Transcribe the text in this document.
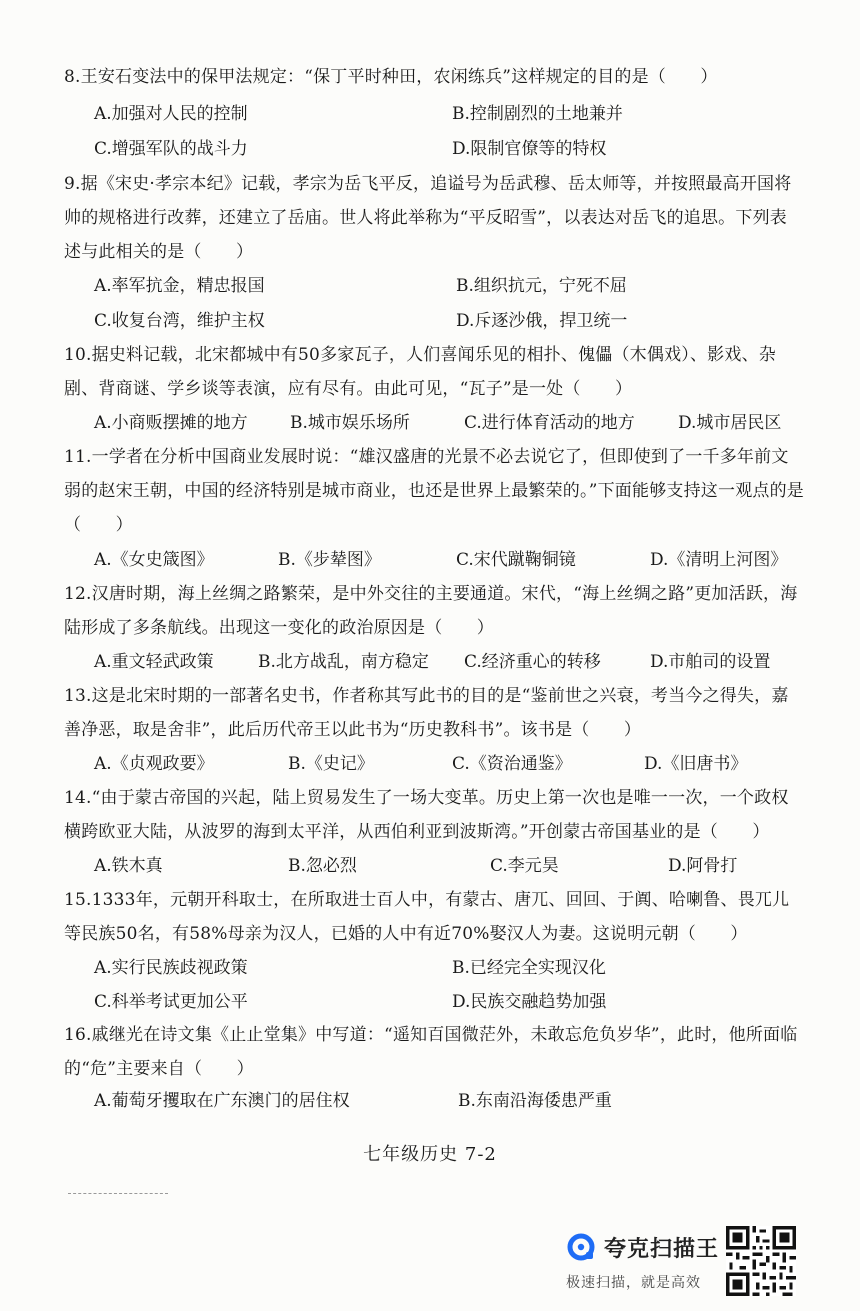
8.王安石变法中的保甲法规定：“保丁平时种田，农闲练兵”这样规定的目的是（　　）

A.加强对人民的控制	B.控制剧烈的土地兼并
C.增强军队的战斗力	D.限制官僚等的特权

9.据《宋史·孝宗本纪》记载，孝宗为岳飞平反，追谥号为岳武穆、岳太师等，并按照最高开国将帅的规格进行改葬，还建立了岳庙。世人将此举称为“平反昭雪”，以表达对岳飞的追思。下列表述与此相关的是（　　）

A.率军抗金，精忠报国	B.组织抗元，宁死不屈
C.收复台湾，维护主权	D.斥逐沙俄，捍卫统一

10.据史料记载，北宋都城中有50多家瓦子，人们喜闻乐见的相扑、傀儡（木偶戏）、影戏、杂剧、背商谜、学乡谈等表演，应有尽有。由此可见，“瓦子”是一处（　　）

A.小商贩摆摊的地方 B.城市娱乐场所	C.进行体育活动的地方	D.城市居民区

11.一学者在分析中国商业发展时说：“雄汉盛唐的光景不必去说它了，但即使到了一千多年前文弱的赵宋王朝，中国的经济特别是城市商业，也还是世界上最繁荣的。”下面能够支持这一观点的是（　　）

A.《女史箴图》	B.《步辇图》	C.宋代蹴鞠铜镜	D.《清明上河图》

12.汉唐时期，海上丝绸之路繁荣，是中外交往的主要通道。宋代，“海上丝绸之路”更加活跃，海陆形成了多条航线。出现这一变化的政治原因是（　　）

A.重文轻武政策	B.北方战乱，南方稳定 C.经济重心的转移	D.市舶司的设置

13.这是北宋时期的一部著名史书，作者称其写此书的目的是“鉴前世之兴衰，考当今之得失，嘉善净恶，取是舍非”，此后历代帝王以此书为“历史教科书”。该书是（　　）

A.《贞观政要》	B.《史记》	C.《资治通鉴》	D.《旧唐书》

14.“由于蒙古帝国的兴起，陆上贸易发生了一场大变革。历史上第一次也是唯一一次，一个政权横跨欧亚大陆，从波罗的海到太平洋，从西伯利亚到波斯湾。”开创蒙古帝国基业的是（　　）

A.铁木真	B.忽必烈	C.李元昊	D.阿骨打

15.1333年，元朝开科取士，在所取进士百人中，有蒙古、唐兀、回回、于阗、哈喇鲁、畏兀儿等民族50名，有58%母亲为汉人，已婚的人中有近70%娶汉人为妻。这说明元朝（　　）

A.实行民族歧视政策	B.已经完全实现汉化
C.科举考试更加公平	D.民族交融趋势加强

16.戚继光在诗文集《止止堂集》中写道：“遥知百国微茫外，未敢忘危负岁华”，此时，他所面临的“危”主要来自（　　）

A.葡萄牙攫取在广东澳门的居住权	B.东南沿海倭患严重
七年级历史 7-2
夸克扫描王
极速扫描，就是高效
